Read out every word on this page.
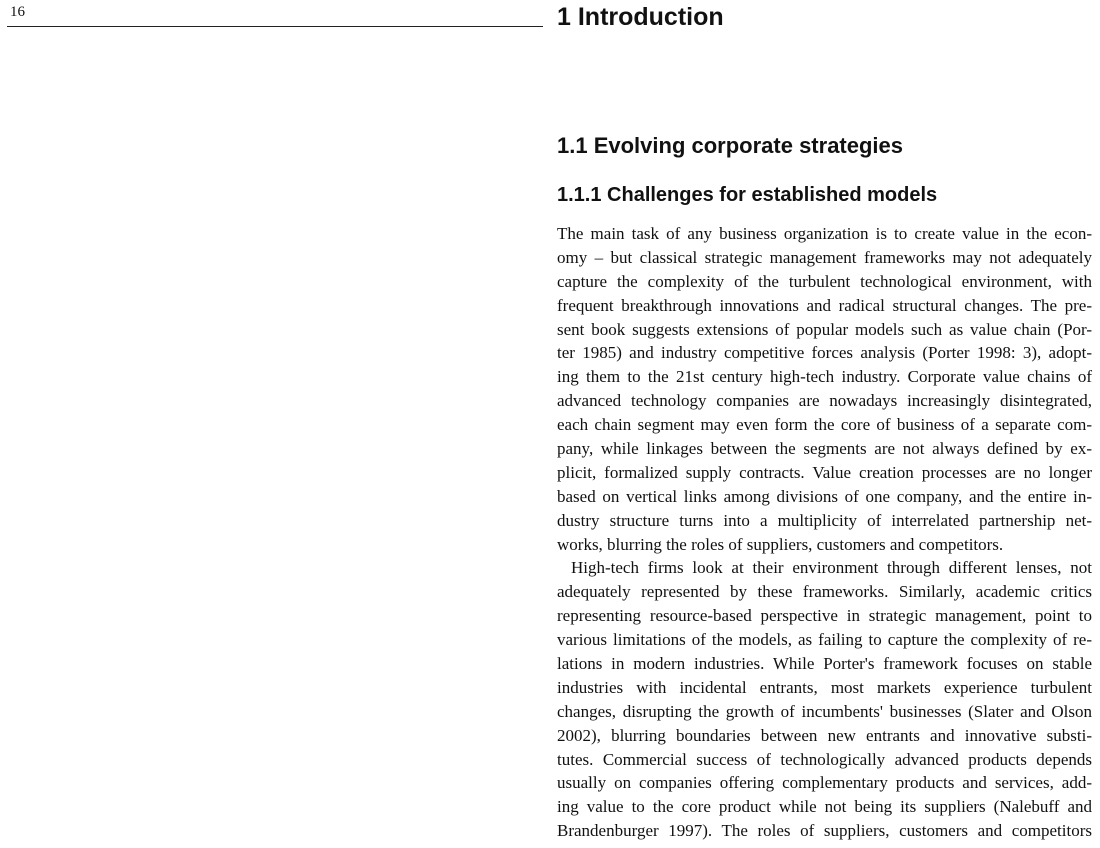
16	1 Introduction
1.1 Evolving corporate strategies
1.1.1 Challenges for established models
The main task of any business organization is to create value in the econ-
omy – but classical strategic management frameworks may not adequately
capture the complexity of the turbulent technological environment, with
frequent breakthrough innovations and radical structural changes. The pre-
sent book suggests extensions of popular models such as value chain (Por-
ter 1985) and industry competitive forces analysis (Porter 1998: 3), adopt-
ing them to the 21st century high-tech industry. Corporate value chains of
advanced technology companies are nowadays increasingly disintegrated,
each chain segment may even form the core of business of a separate com-
pany, while linkages between the segments are not always defined by ex-
plicit, formalized supply contracts. Value creation processes are no longer
based on vertical links among divisions of one company, and the entire in-
dustry structure turns into a multiplicity of interrelated partnership net-
works, blurring the roles of suppliers, customers and competitors.
High-tech firms look at their environment through different lenses, not
adequately represented by these frameworks. Similarly, academic critics
representing resource-based perspective in strategic management, point to
various limitations of the models, as failing to capture the complexity of re-
lations in modern industries. While Porter's framework focuses on stable
industries with incidental entrants, most markets experience turbulent
changes, disrupting the growth of incumbents' businesses (Slater and Olson
2002), blurring boundaries between new entrants and innovative substi-
tutes. Commercial success of technologically advanced products depends
usually on companies offering complementary products and services, add-
ing value to the core product while not being its suppliers (Nalebuff and
Brandenburger 1997). The roles of suppliers, customers and competitors
